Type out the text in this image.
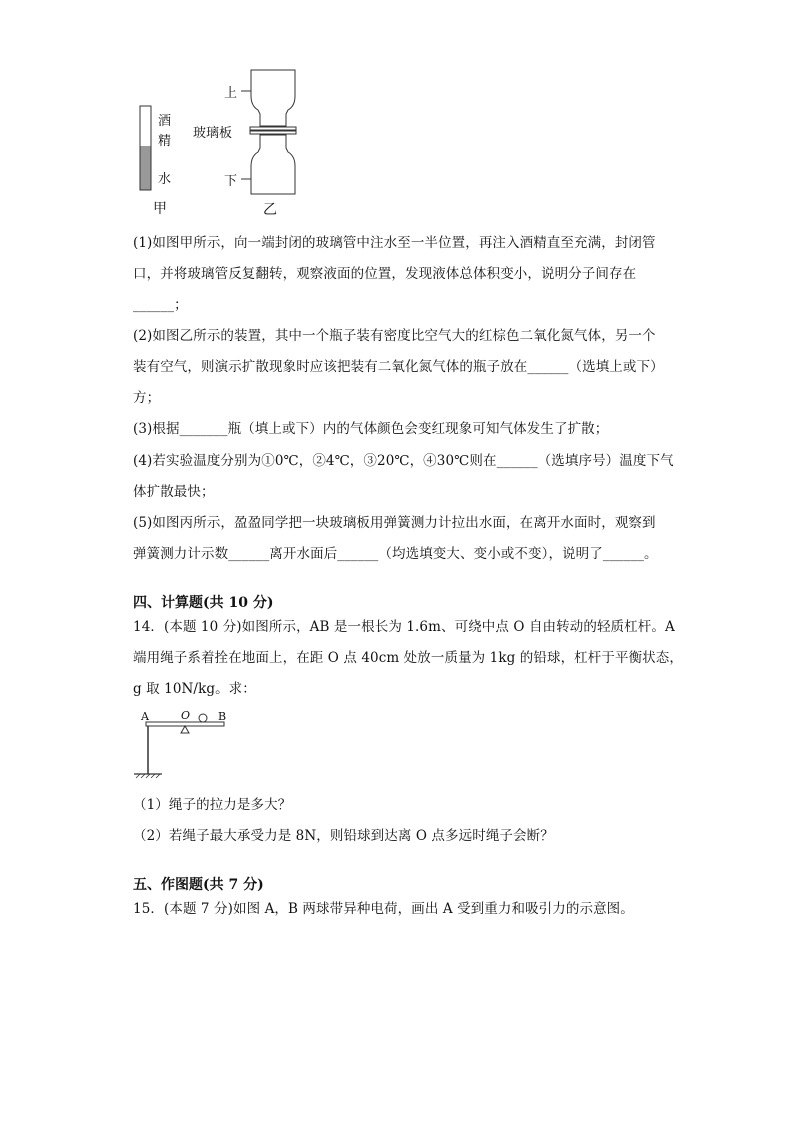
酒
精
水
甲
上
玻璃板
下
乙
(1)如图甲所示，向一端封闭的玻璃管中注水至一半位置，再注入酒精直至充满，封闭管
口，并将玻璃管反复翻转，观察液面的位置，发现液体总体积变小，说明分子间存在
______；
(2)如图乙所示的装置，其中一个瓶子装有密度比空气大的红棕色二氧化氮气体，另一个
装有空气，则演示扩散现象时应该把装有二氧化氮气体的瓶子放在______（选填上或下）
方；
(3)根据_______瓶（填上或下）内的气体颜色会变红现象可知气体发生了扩散；
(4)若实验温度分别为①0℃，②4℃，③20℃，④30℃则在______（选填序号）温度下气
体扩散最快；
(5)如图丙所示，盈盈同学把一块玻璃板用弹簧测力计拉出水面，在离开水面时，观察到
弹簧测力计示数______离开水面后______（均选填变大、变小或不变），说明了______。
四、计算题(共 10 分)
14．(本题 10 分)如图所示，AB 是一根长为 1.6m、可绕中点 O 自由转动的轻质杠杆。A
端用绳子系着拴在地面上，在距 O 点 40cm 处放一质量为 1kg 的铅球，杠杆于平衡状态，
g 取 10N/kg。求：
A	O	B
（1）绳子的拉力是多大？
（2）若绳子最大承受力是 8N，则铅球到达离 O 点多远时绳子会断？
五、作图题(共 7 分)
15．(本题 7 分)如图 A，B 两球带异种电荷，画出 A 受到重力和吸引力的示意图。
